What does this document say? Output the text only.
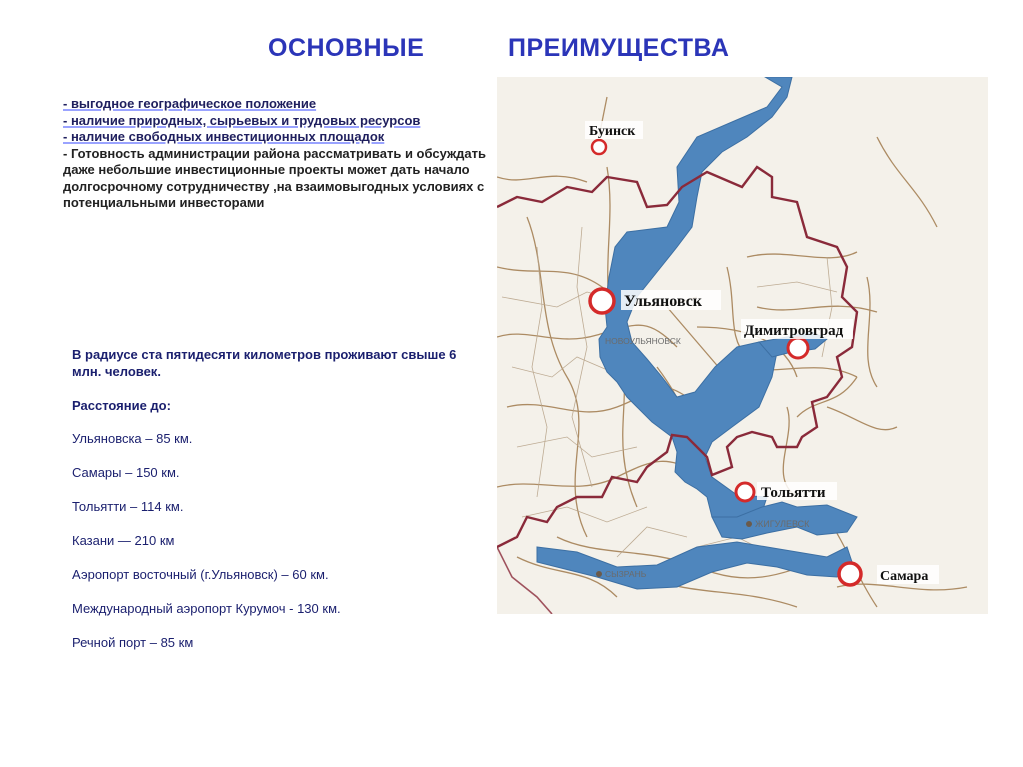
ОСНОВНЫЕ	ПРЕИМУЩЕСТВА
- выгодное географическое положение
- наличие природных, сырьевых и трудовых ресурсов
- наличие свободных инвестиционных площадок
- Готовность администрации района рассматривать и обсуждать даже небольшие инвестиционные проекты может дать начало долгосрочному сотрудничеству ,на взаимовыгодных условиях с потенциальными инвесторами

В радиусе ста пятидесяти километров проживают свыше 6 млн. человек.

Расстояние до:

Ульяновска – 85 км.

Самары – 150 км.

Тольятти – 114 км.

Казани — 210 км

Аэропорт восточный (г.Ульяновск) – 60 км.

Международный аэропорт Курумоч - 130 км.

Речной порт – 85 км

Буинск
Ульяновск
Димитровград
Тольятти
Самара
НОВОУЛЬЯНОВСК
ЖИГУЛЕВСК
СЫЗРАНЬ
